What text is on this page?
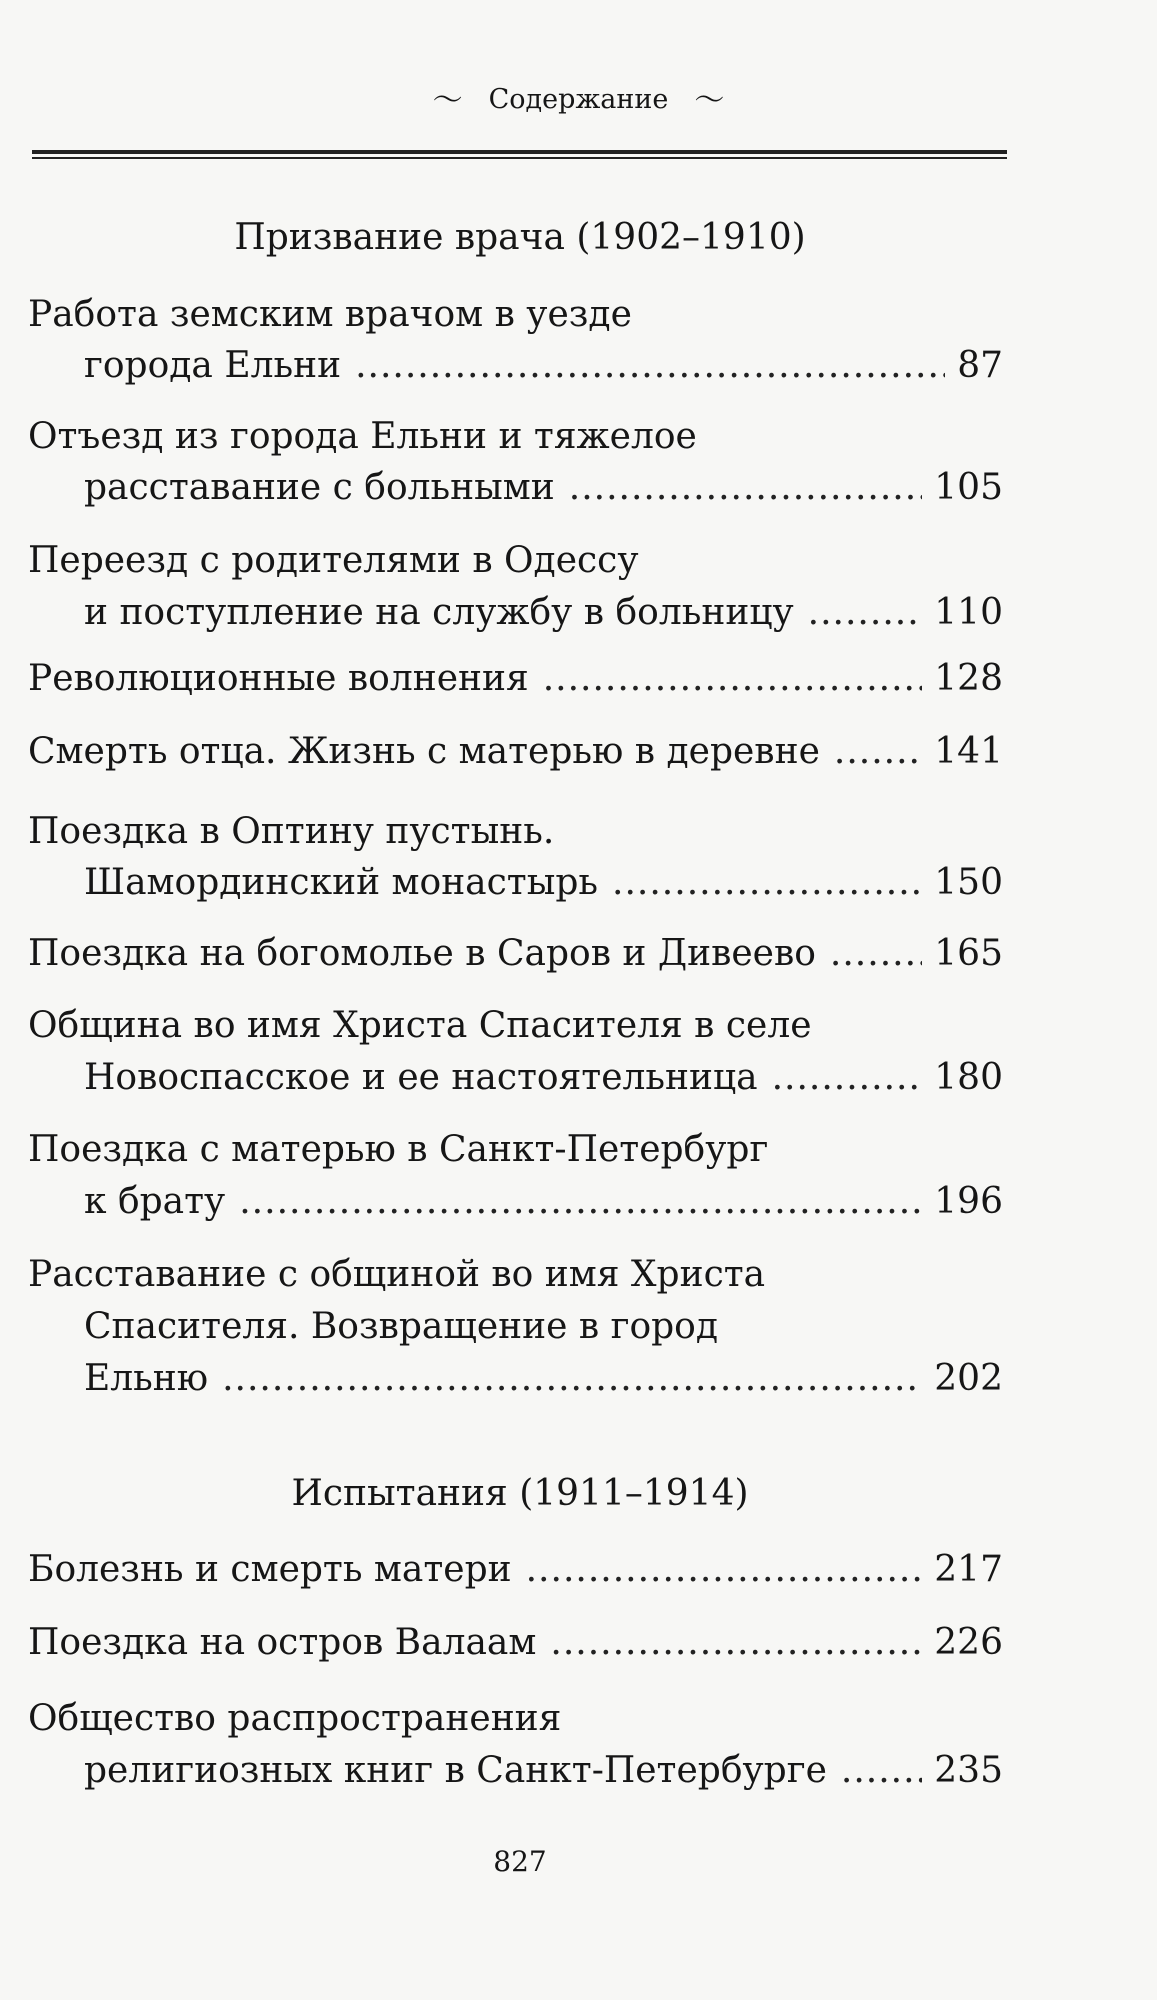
〜 Содержание 〜
Призвание врача (1902–1910)
Работа земским врачом в уезде
города Ельни .....	87
Отъезд из города Ельни и тяжелое
расставание с больными .....	105
Переезд с родителями в Одессу
и поступление на службу в больницу .....	110
Революционные волнения .....	128
Смерть отца. Жизнь с матерью в деревне .....	141
Поездка в Оптину пустынь.
Шамординский монастырь .....	150
Поездка на богомолье в Саров и Дивеево .....	165
Община во имя Христа Спасителя в селе
Новоспасское и ее настоятельница .....	180
Поездка с матерью в Санкт-Петербург
к брату .....	196
Расставание с общиной во имя Христа
Спасителя. Возвращение в город
Ельню .....	202
Испытания (1911–1914)
Болезнь и смерть матери .....	217
Поездка на остров Валаам .....	226
Общество распространения
религиозных книг в Санкт-Петербурге .....	235
827
